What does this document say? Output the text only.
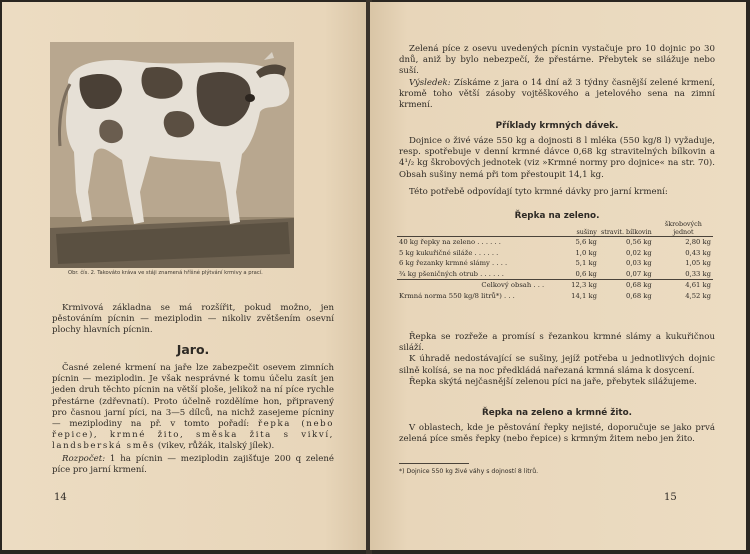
Obr. čís. 2. Takováto kráva ve stáji znamená hříšné plýtvání krmivy a prací.

Krmivová základna se má rozšířit, pokud možno, jen pěstováním pícnin — meziplodin — nikoliv zvětšením osevní plochy hlavních pícnin.

Jaro.

Časné zelené krmení na jaře lze zabezpečit osevem zimních pícnin — meziplodin. Je však nesprávné k tomu účelu zasít jen jeden druh těchto pícnin na větší ploše, jelikož na ní píce rychle přestárne (zdřevnatí). Proto účelně rozdělíme hon, připravený pro časnou jarní píci, na 3—5 dílců, na nichž zasejeme pícniny — meziplodiny na př. v tomto pořadí: řepka (nebo řepice), krmné žito, směska žita s vikví, landsberská směs (vikev, růžák, italský jílek).

Rozpočet: 1 ha pícnin — meziplodin zajišťuje 200 q zelené píce pro jarní krmení.

14

Zelená píce z osevu uvedených pícnin vystačuje pro 10 dojnic po 30 dnů, aniž by bylo nebezpečí, že přestárne. Přebytek se silážuje nebo suší.

Výsledek: Získáme z jara o 14 dní až 3 týdny časnější zelené krmení, kromě toho větší zásoby vojtěškového a jetelového sena na zimní krmení.

Příklady krmných dávek.

Dojnice o živé váze 550 kg a dojnosti 8 l mléka (550 kg/8 l) vyžaduje, resp. spotřebuje v denní krmné dávce 0,68 kg stravitelných bílkovin a 4¹/₂ kg škrobových jednotek (viz »Krmné normy pro dojnice« na str. 70). Obsah sušiny nemá při tom přestoupit 14,1 kg.

Této potřebě odpovídají tyto krmné dávky pro jarní krmení:

Řepka na zeleno.
	sušiny	stravit. bílkovin	škrobových jednot
40 kg řepky na zeleno . . . . . .	5,6 kg	0,56 kg	2,80 kg
5 kg kukuřičné siláže . . . . . .	1,0 kg	0,02 kg	0,43 kg
6 kg řezanky krmné slámy . . . .	5,1 kg	0,03 kg	1,05 kg
¾ kg pšeničných otrub . . . . . .	0,6 kg	0,07 kg	0,33 kg
Celkový obsah . . .	12,3 kg	0,68 kg	4,61 kg
Krmná norma 550 kg/8 litrů*) . . .	14,1 kg	0,68 kg	4,52 kg

Řepka se rozřeže a promísí s řezankou krmné slámy a kukuřičnou siláží.

K úhradě nedostávající se sušiny, jejíž potřeba u jednotlivých dojnic silně kolísá, se na noc předkládá nařezaná krmná sláma k dosycení.

Řepka skýtá nejčasnější zelenou píci na jaře, přebytek silážujeme.

Řepka na zeleno a krmné žito.

V oblastech, kde je pěstování řepky nejisté, doporučuje se jako prvá zelená píce směs řepky (nebo řepice) s krmným žitem nebo jen žito.

*) Dojnice 550 kg živé váhy s dojností 8 litrů.
15
